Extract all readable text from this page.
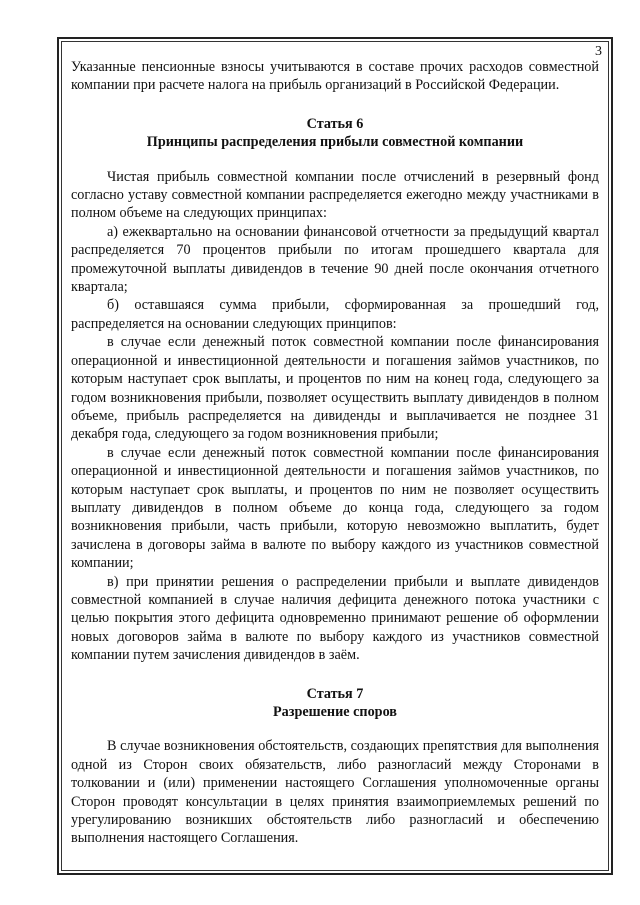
3

Указанные пенсионные взносы учитываются в составе прочих расходов совместной компании при расчете налога на прибыль организаций в Российской Федерации.

Статья 6
Принципы распределения прибыли совместной компании

Чистая прибыль совместной компании после отчислений в резервный фонд согласно уставу совместной компании распределяется ежегодно между участниками в полном объеме на следующих принципах:

а) ежеквартально на основании финансовой отчетности за предыдущий квартал распределяется 70 процентов прибыли по итогам прошедшего квартала для промежуточной выплаты дивидендов в течение 90 дней после окончания отчетного квартала;

б) оставшаяся сумма прибыли, сформированная за прошедший год, распределяется на основании следующих принципов:

в случае если денежный поток совместной компании после финансирования операционной и инвестиционной деятельности и погашения займов участников, по которым наступает срок выплаты, и процентов по ним на конец года, следующего за годом возникновения прибыли, позволяет осуществить выплату дивидендов в полном объеме, прибыль распределяется на дивиденды и выплачивается не позднее 31 декабря года, следующего за годом возникновения прибыли;

в случае если денежный поток совместной компании после финансирования операционной и инвестиционной деятельности и погашения займов участников, по которым наступает срок выплаты, и процентов по ним не позволяет осуществить выплату дивидендов в полном объеме до конца года, следующего за годом возникновения прибыли, часть прибыли, которую невозможно выплатить, будет зачислена в договоры займа в валюте по выбору каждого из участников совместной компании;

в) при принятии решения о распределении прибыли и выплате дивидендов совместной компанией в случае наличия дефицита денежного потока участники с целью покрытия этого дефицита одновременно принимают решение об оформлении новых договоров займа в валюте по выбору каждого из участников совместной компании путем зачисления дивидендов в заём.

Статья 7
Разрешение споров

В случае возникновения обстоятельств, создающих препятствия для выполнения одной из Сторон своих обязательств, либо разногласий между Сторонами в толковании и (или) применении настоящего Соглашения уполномоченные органы Сторон проводят консультации в целях принятия взаимоприемлемых решений по урегулированию возникших обстоятельств либо разногласий и обеспечению выполнения настоящего Соглашения.
